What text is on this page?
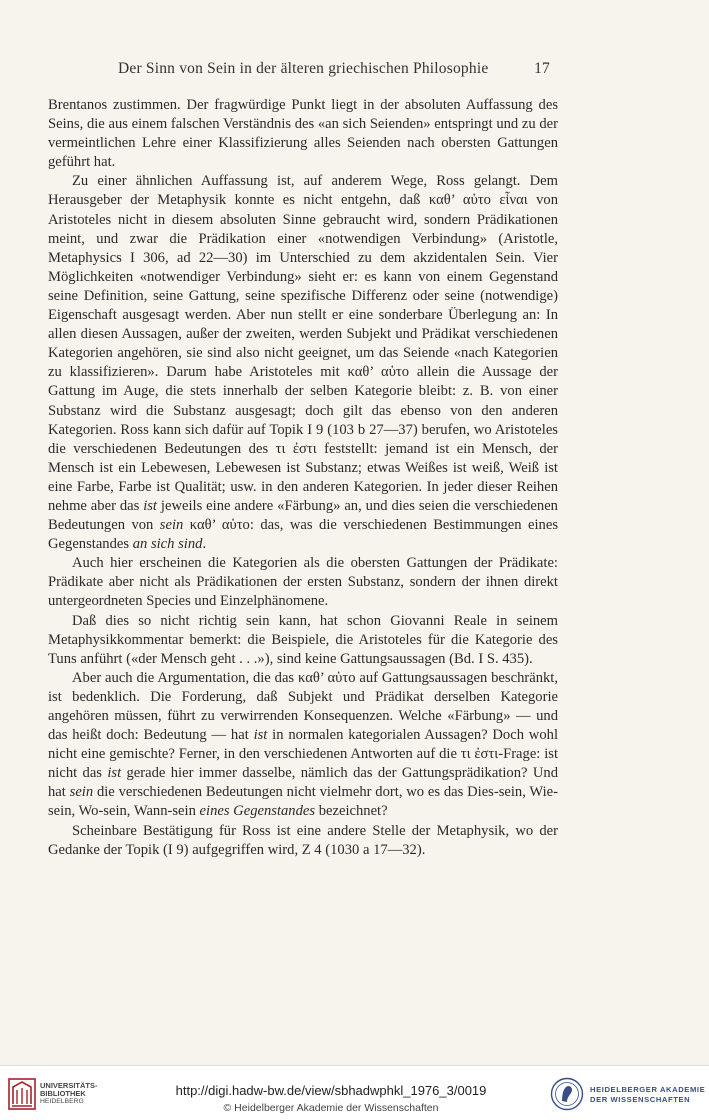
Der Sinn von Sein in der älteren griechischen Philosophie	17

Brentanos zustimmen. Der fragwürdige Punkt liegt in der absoluten Auffassung des Seins, die aus einem falschen Verständnis des «an sich Seienden» entspringt und zu der vermeintlichen Lehre einer Klassifizierung alles Seienden nach obersten Gattungen geführt hat.

Zu einer ähnlichen Auffassung ist, auf anderem Wege, Ross gelangt. Dem Herausgeber der Metaphysik konnte es nicht entgehn, daß καθ’ αὑτο εἶναι von Aristoteles nicht in diesem absoluten Sinne gebraucht wird, sondern Prädikationen meint, und zwar die Prädikation einer «notwendigen Verbindung» (Aristotle, Metaphysics I 306, ad 22—30) im Unterschied zu dem akzidentalen Sein. Vier Möglichkeiten «notwendiger Verbindung» sieht er: es kann von einem Gegenstand seine Definition, seine Gattung, seine spezifische Differenz oder seine (notwendige) Eigenschaft ausgesagt werden. Aber nun stellt er eine sonderbare Überlegung an: In allen diesen Aussagen, außer der zweiten, werden Subjekt und Prädikat verschiedenen Kategorien angehören, sie sind also nicht geeignet, um das Seiende «nach Kategorien zu klassifizieren». Darum habe Aristoteles mit καθ’ αὑτο allein die Aussage der Gattung im Auge, die stets innerhalb der selben Kategorie bleibt: z. B. von einer Substanz wird die Substanz ausgesagt; doch gilt das ebenso von den anderen Kategorien. Ross kann sich dafür auf Topik I 9 (103 b 27—37) berufen, wo Aristoteles die verschiedenen Bedeutungen des τι ἐστι feststellt: jemand ist ein Mensch, der Mensch ist ein Lebewesen, Lebewesen ist Substanz; etwas Weißes ist weiß, Weiß ist eine Farbe, Farbe ist Qualität; usw. in den anderen Kategorien. In jeder dieser Reihen nehme aber das ist jeweils eine andere «Färbung» an, und dies seien die verschiedenen Bedeutungen von sein καθ’ αὑτο: das, was die verschiedenen Bestimmungen eines Gegenstandes an sich sind.

Auch hier erscheinen die Kategorien als die obersten Gattungen der Prädikate: Prädikate aber nicht als Prädikationen der ersten Substanz, sondern der ihnen direkt untergeordneten Species und Einzelphänomene.

Daß dies so nicht richtig sein kann, hat schon Giovanni Reale in seinem Metaphysikkommentar bemerkt: die Beispiele, die Aristoteles für die Kategorie des Tuns anführt («der Mensch geht . . .»), sind keine Gattungsaussagen (Bd. I S. 435).

Aber auch die Argumentation, die das καθ’ αὑτο auf Gattungsaussagen beschränkt, ist bedenklich. Die Forderung, daß Subjekt und Prädikat derselben Kategorie angehören müssen, führt zu verwirrenden Konsequenzen. Welche «Färbung» — und das heißt doch: Bedeutung — hat ist in normalen kategorialen Aussagen? Doch wohl nicht eine gemischte? Ferner, in den verschiedenen Antworten auf die τι ἐστι-Frage: ist nicht das ist gerade hier immer dasselbe, nämlich das der Gattungsprädikation? Und hat sein die verschiedenen Bedeutungen nicht vielmehr dort, wo es das Dies-sein, Wie-sein, Wo-sein, Wann-sein eines Gegenstandes bezeichnet?

Scheinbare Bestätigung für Ross ist eine andere Stelle der Metaphysik, wo der Gedanke der Topik (I 9) aufgegriffen wird, Z 4 (1030 a 17—32).

UNIVERSITÄTS-
BIBLIOTHEK
HEIDELBERG
http://digi.hadw-bw.de/view/sbhadwphkl_1976_3/0019
© Heidelberger Akademie der Wissenschaften
HEIDELBERGER AKADEMIE
DER WISSENSCHAFTEN
